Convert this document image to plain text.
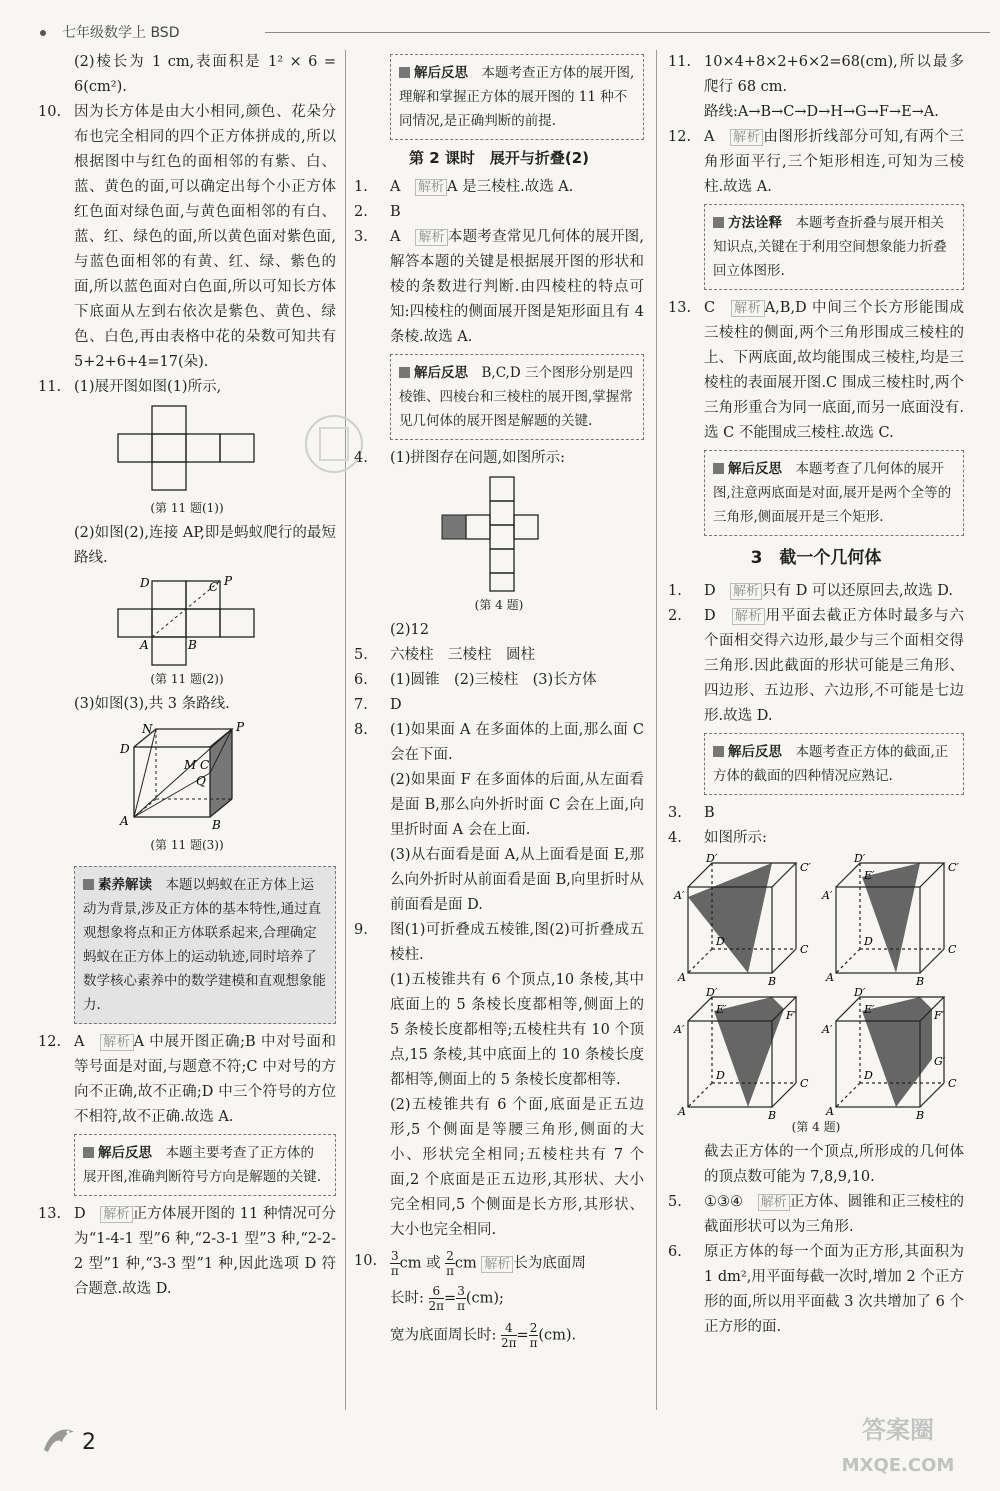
七年级数学上 BSD

(2)棱长为 1 cm,表面积是 1² × 6 = 6(cm²).

10. 因为长方体是由大小相同,颜色、花朵分布也完全相同的四个正方体拼成的,所以根据图中与红色的面相邻的有紫、白、蓝、黄色的面,可以确定出每个小正方体红色面对绿色面,与黄色面相邻的有白、蓝、红、绿色的面,所以黄色面对紫色面,与蓝色面相邻的有黄、红、绿、紫色的面,所以蓝色面对白色面,所以可知长方体下底面从左到右依次是紫色、黄色、绿色、白色,再由表格中花的朵数可知共有 5+2+6+4=17(朵).

11. (1)展开图如图(1)所示,

(第 11 题(1))

(2)如图(2),连接 AP,即是蚂蚁爬行的最短路线.

D	C P
A	B

(第 11 题(2))

(3)如图(3),共 3 条路线.

N	P
D
M C
Q
A	B

(第 11 题(3))

素养解读　 本题以蚂蚁在正方体上运动为背景,涉及正方体的基本特性,通过直观想象将点和正方体联系起来,合理确定蚂蚁在正方体上的运动轨迹,同时培养了数学核心素养中的数学建模和直观想象能力.

12. A　 解析 A 中展开图正确;B 中对号面和等号面是对面,与题意不符;C 中对号的方向不正确,故不正确;D 中三个符号的方位不相符,故不正确.故选 A.

解后反思　 本题主要考查了正方体的展开图,准确判断符号方向是解题的关键.

13. D　 解析 正方体展开图的 11 种情况可分为“1-4-1 型”6 种,“2-3-1 型”3 种,“2-2-2 型”1 种,“3-3 型”1 种,因此选项 D 符合题意.故选 D.

解后反思　 本题考查正方体的展开图,理解和掌握正方体的展开图的 11 种不同情况,是正确判断的前提.

第 2 课时　展开与折叠(2)

1. A　 解析 A 是三棱柱.故选 A.

2. B

3. A　 解析 本题考查常见几何体的展开图,解答本题的关键是根据展开图的形状和棱的条数进行判断.由四棱柱的特点可知:四棱柱的侧面展开图是矩形面且有 4 条棱.故选 A.

解后反思　 B,C,D 三个图形分别是四棱锥、四棱台和三棱柱的展开图,掌握常见几何体的展开图是解题的关键.

4. (1)拼图存在问题,如图所示:

(第 4 题)

(2)12

5. 六棱柱　三棱柱　圆柱

6. (1)圆锥　(2)三棱柱　(3)长方体

7. D

8. (1)如果面 A 在多面体的上面,那么面 C 会在下面.

(2)如果面 F 在多面体的后面,从左面看是面 B,那么向外折时面 C 会在上面,向里折时面 A 会在上面.

(3)从右面看是面 A,从上面看是面 E,那么向外折时从前面看是面 B,向里折时从前面看是面 D.

9. 图(1)可折叠成五棱锥,图(2)可折叠成五棱柱.

(1)五棱锥共有 6 个顶点,10 条棱,其中底面上的 5 条棱长度都相等,侧面上的 5 条棱长度都相等;五棱柱共有 10 个顶点,15 条棱,其中底面上的 10 条棱长度都相等,侧面上的 5 条棱长度都相等.

(2)五棱锥共有 6 个面,底面是正五边形,5 个侧面是等腰三角形,侧面的大小、形状完全相同;五棱柱共有 7 个面,2 个底面是正五边形,其形状、大小完全相同,5 个侧面是长方形,其形状、大小也完全相同.

10. $\frac{3}{\pi}$ cm 或 $\frac{2}{\pi}$ cm 解析 长为底面周

长时: $\frac{6}{2\pi} = \frac{3}{\pi} (cm)$;

宽为底面周长时: $\frac{4}{2\pi} = \frac{2}{\pi} (cm)$.

11. 10×4+8×2+6×2=68(cm),所以最多爬行 68 cm.

路线:A→B→C→D→H→G→F→E→A.

12. A　 解析 由图形折线部分可知,有两个三角形面平行,三个矩形相连,可知为三棱柱.故选 A.

方法诠释　 本题考查折叠与展开相关知识点,关键在于利用空间想象能力折叠回立体图形.

13. C　 解析 A,B,D 中间三个长方形能围成三棱柱的侧面,两个三角形围成三棱柱的上、下两底面,故均能围成三棱柱,均是三棱柱的表面展开图.C 围成三棱柱时,两个三角形重合为同一底面,而另一底面没有.选 C 不能围成三棱柱.故选 C.

解后反思　 本题考查了几何体的展开图,注意两底面是对面,展开是两个全等的三角形,侧面展开是三个矩形.

3　 截一个几何体

1. D　 解析 只有 D 可以还原回去,故选 D.

2. D　 解析 用平面去截正方体时最多与六个面相交得六边形,最少与三个面相交得三角形.因此截面的形状可能是三角形、四边形、五边形、六边形,不可能是七边形.故选 D.

解后反思　 本题考查正方体的截面,正方体的截面的四种情况应熟记.

3. B

4. 如图所示:

D′
C′
A′
D
C
A	B
D′
C′
E′
A′
D
C
A	B
D′
E′	F′
A′
D
C
A	B
D′
E′	F′
A′
G′
D
C
A	B

(第 4 题)

截去正方体的一个顶点,所形成的几何体的顶点数可能为 7,8,9,10.

5. ①③④　 解析 正方体、圆锥和正三棱柱的截面形状可以为三角形.

6. 原正方体的每一个面为正方形,其面积为 1 dm²,用平面每截一次时,增加 2 个正方形的面,所以用平面截 3 次共增加了 6 个正方形的面.

2	答案圈
MXQE.COM
